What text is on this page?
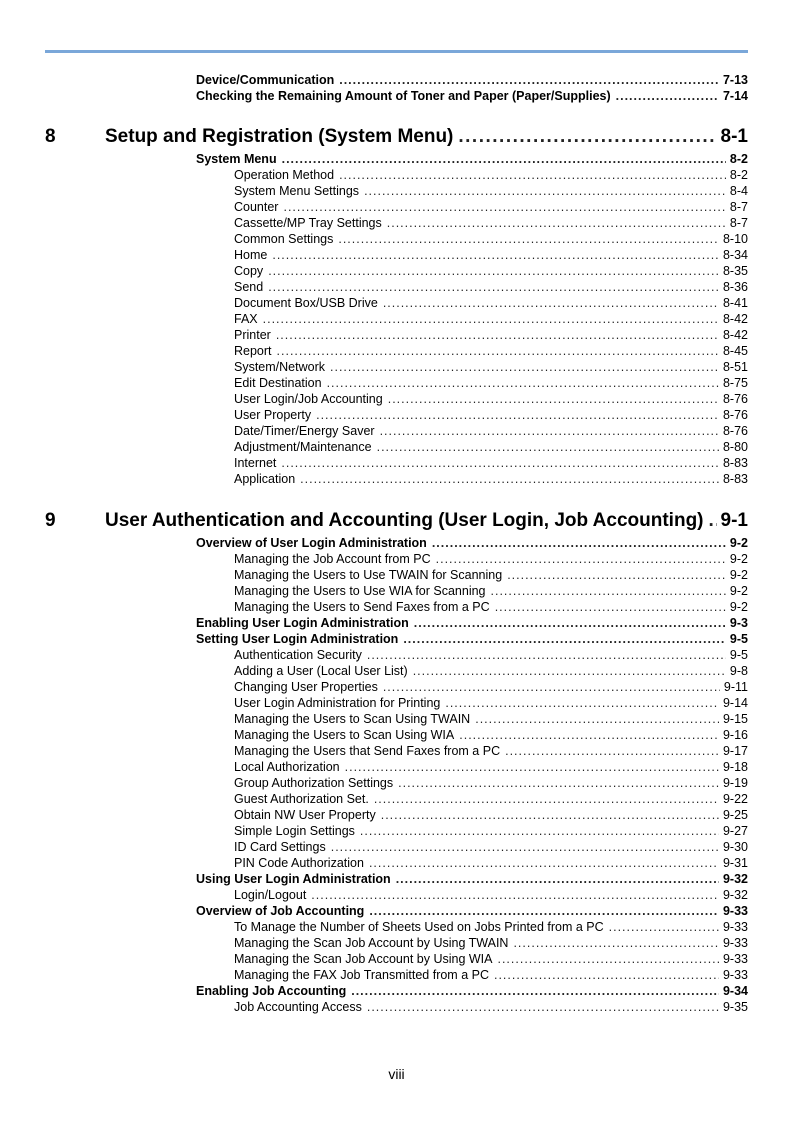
Device/Communication .....	7-13
Checking the Remaining Amount of Toner and Paper (Paper/Supplies) .....	7-14
8	Setup and Registration (System Menu) .....	8-1
System Menu .....	8-2
Operation Method .....	8-2
System Menu Settings .....	8-4
Counter .....	8-7
Cassette/MP Tray Settings .....	8-7
Common Settings .....	8-10
Home .....	8-34
Copy .....	8-35
Send .....	8-36
Document Box/USB Drive .....	8-41
FAX .....	8-42
Printer .....	8-42
Report .....	8-45
System/Network .....	8-51
Edit Destination .....	8-75
User Login/Job Accounting .....	8-76
User Property .....	8-76
Date/Timer/Energy Saver .....	8-76
Adjustment/Maintenance .....	8-80
Internet .....	8-83
Application .....	8-83
9	User Authentication and Accounting (User Login, Job Accounting) ..... 9-1
Overview of User Login Administration .....	9-2
Managing the Job Account from PC .....	9-2
Managing the Users to Use TWAIN for Scanning .....	9-2
Managing the Users to Use WIA for Scanning .....	9-2
Managing the Users to Send Faxes from a PC .....	9-2
Enabling User Login Administration .....	9-3
Setting User Login Administration .....	9-5
Authentication Security .....	9-5
Adding a User (Local User List) .....	9-8
Changing User Properties .....	9-11
User Login Administration for Printing .....	9-14
Managing the Users to Scan Using TWAIN .....	9-15
Managing the Users to Scan Using WIA .....	9-16
Managing the Users that Send Faxes from a PC .....	9-17
Local Authorization .....	9-18
Group Authorization Settings .....	9-19
Guest Authorization Set. .....	9-22
Obtain NW User Property .....	9-25
Simple Login Settings .....	9-27
ID Card Settings .....	9-30
PIN Code Authorization .....	9-31
Using User Login Administration .....	9-32
Login/Logout .....	9-32
Overview of Job Accounting .....	9-33
To Manage the Number of Sheets Used on Jobs Printed from a PC .....	9-33
Managing the Scan Job Account by Using TWAIN .....	9-33
Managing the Scan Job Account by Using WIA .....	9-33
Managing the FAX Job Transmitted from a PC .....	9-33
Enabling Job Accounting .....	9-34
Job Accounting Access .....	9-35
viii
